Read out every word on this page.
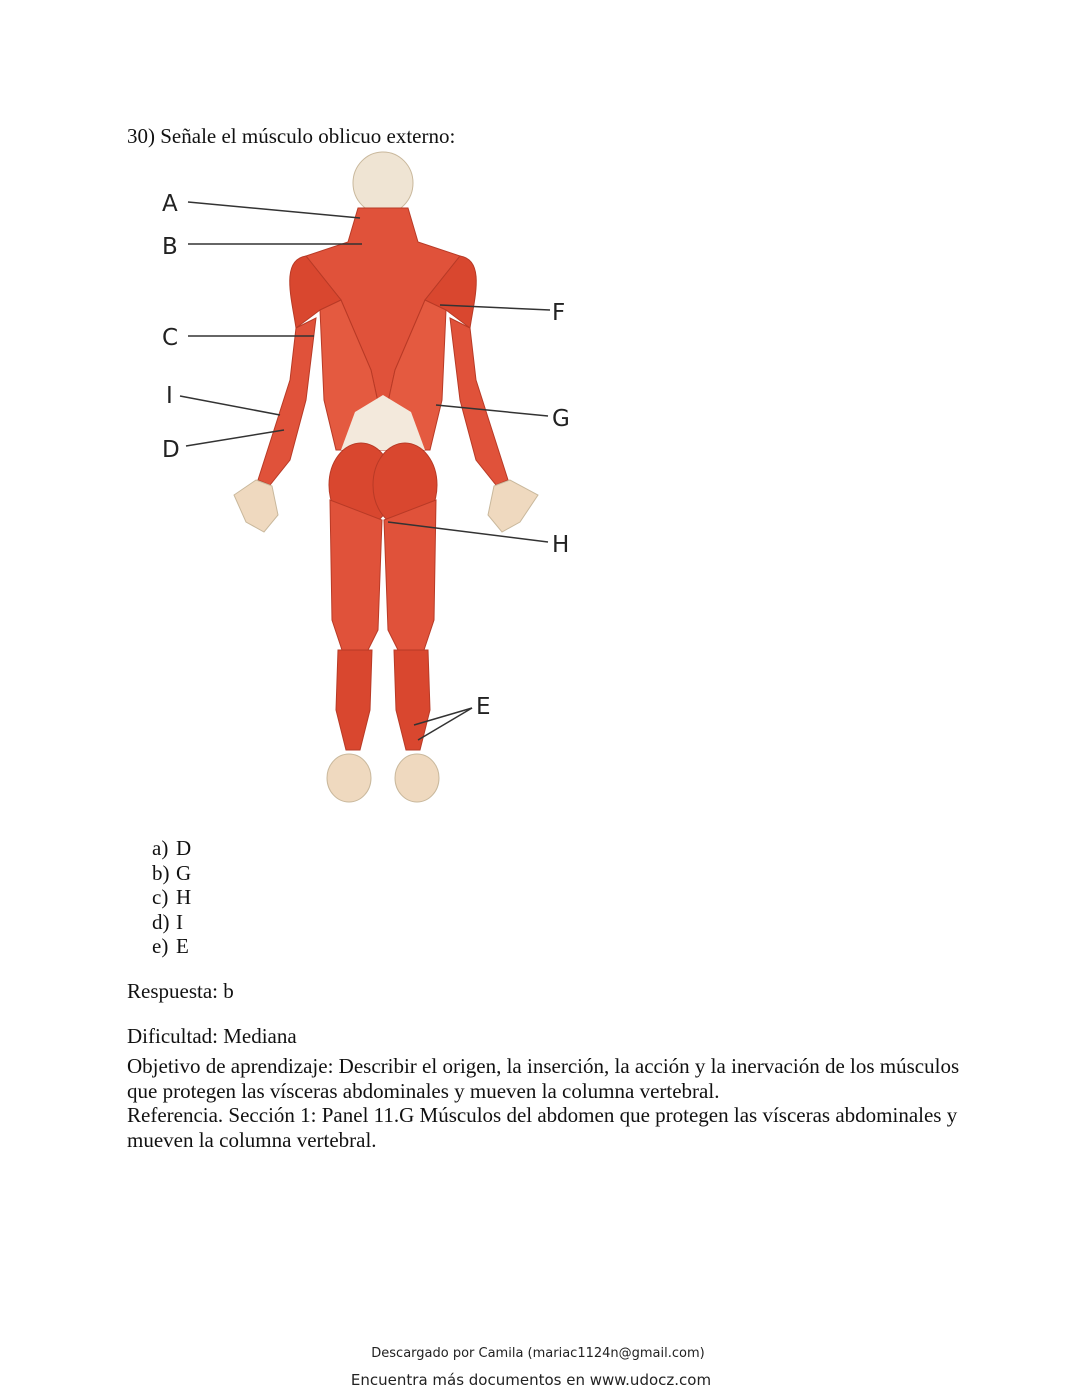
30) Señale el músculo oblicuo externo:
A
B
C
I
D
F
G
H
E
a) D
b) G
c) H
d) I
e) E
Respuesta: b
Dificultad: Mediana
Objetivo de aprendizaje: Describir el origen, la inserción, la acción y la inervación de los músculos que protegen las vísceras abdominales y mueven la columna vertebral.
Referencia. Sección 1: Panel 11.G Músculos del abdomen que protegen las vísceras abdominales y mueven la columna vertebral.
Descargado por Camila (mariac1124n@gmail.com)
Encuentra más documentos en www.udocz.com
